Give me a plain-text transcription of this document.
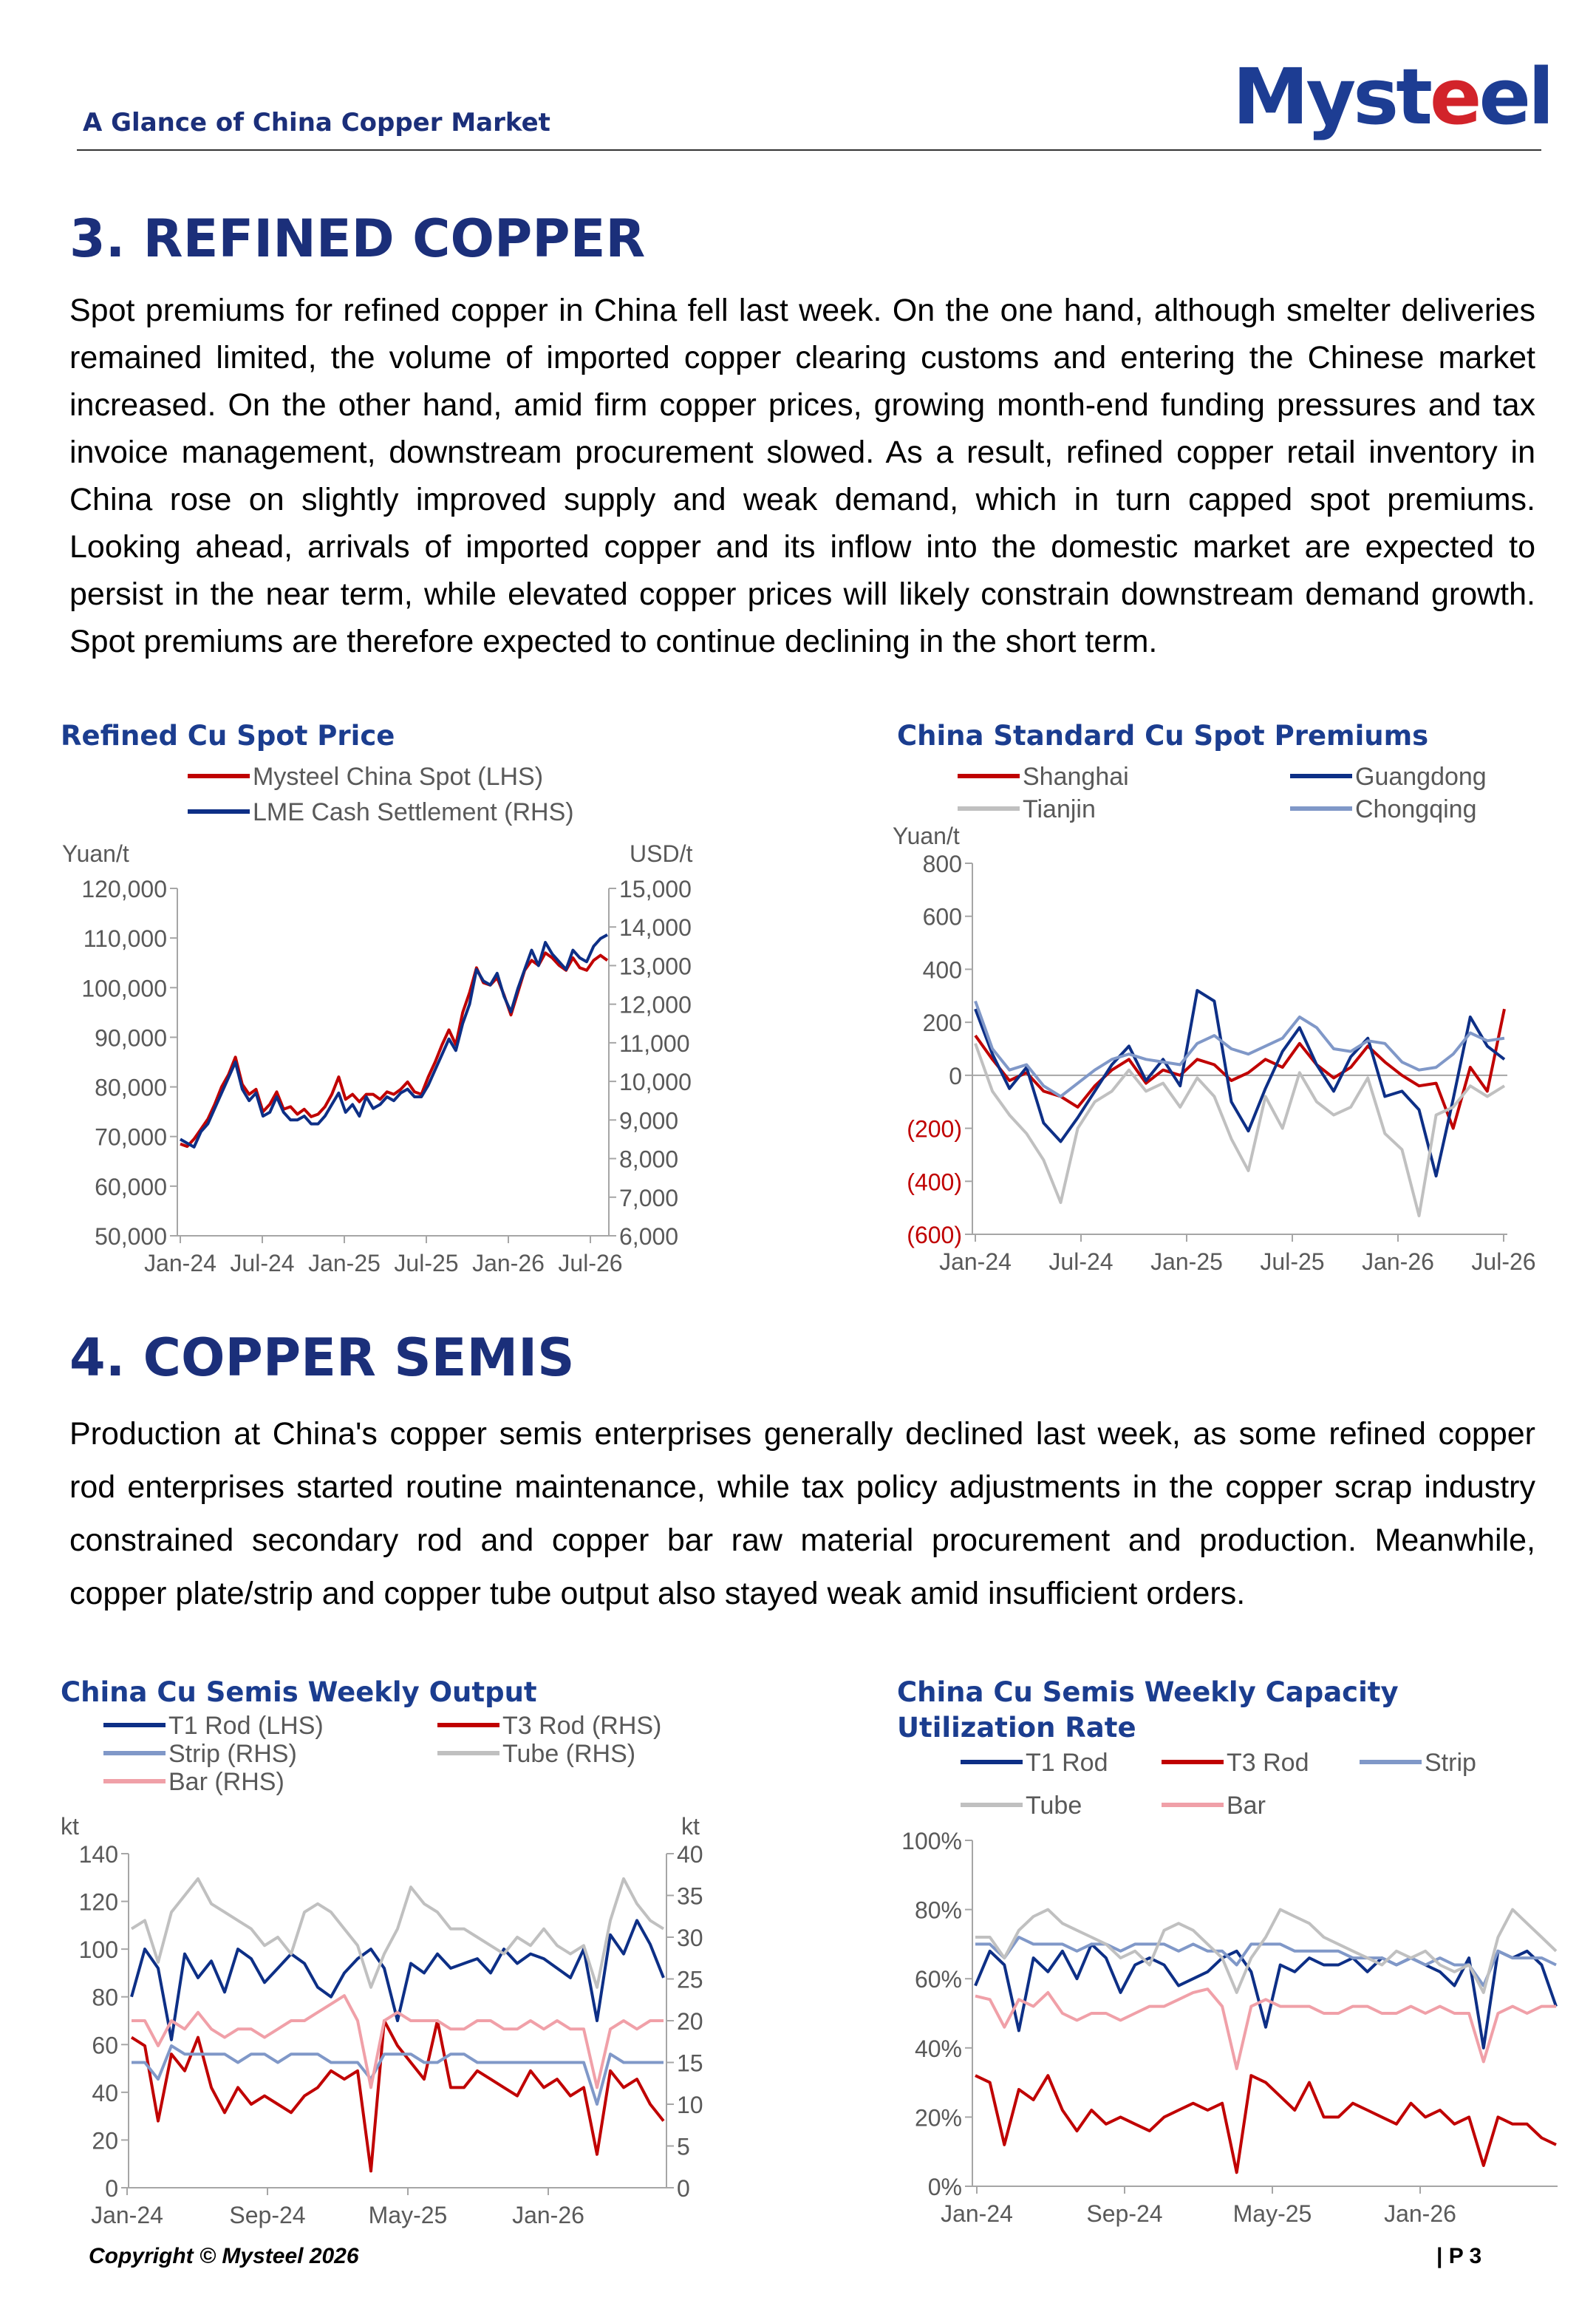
A Glance of China Copper Market	Mysteel
3. REFINED COPPER
Spot premiums for refined copper in China fell last week. On the one hand, although smelter deliveries remained limited, the volume of imported copper clearing customs and entering the Chinese market increased. On the other hand, amid firm copper prices, growing month-end funding pressures and tax invoice management, downstream procurement slowed. As a result, refined copper retail inventory in China rose on slightly improved supply and weak demand, which in turn capped spot premiums. Looking ahead, arrivals of imported copper and its inflow into the domestic market are expected to persist in the near term, while elevated copper prices will likely constrain downstream demand growth. Spot premiums are therefore expected to continue declining in the short term.
Refined Cu Spot Price
Mysteel China Spot (LHS)
LME Cash Settlement (RHS)
Yuan/t	USD/t
50,000
60,000
70,000
80,000
90,000
100,000
110,000
120,000
6,000
7,000
8,000
9,000
10,000
11,000
12,000
13,000
14,000
15,000
Jan-24 Jul-24 Jan-25 Jul-25 Jan-26 Jul-26
China Standard Cu Spot Premiums
Shanghai	Guangdong
Tianjin	Chongqing
Yuan/t
(600)
(400)
(200)
0
200
400
600
800
Jan-24 Jul-24 Jan-25 Jul-25 Jan-26 Jul-26
4. COPPER SEMIS
Production at China's copper semis enterprises generally declined last week, as some refined copper rod enterprises started routine maintenance, while tax policy adjustments in the copper scrap industry constrained secondary rod and copper bar raw material procurement and production. Meanwhile, copper plate/strip and copper tube output also stayed weak amid insufficient orders.
China Cu Semis Weekly Output
T1 Rod (LHS)	T3 Rod (RHS)
Strip (RHS)	Tube (RHS)
Bar (RHS)
kt	kt
0
20
40
60
80
100
120
140
0
5
10
15
20
25
30
35
40
Jan-24	Sep-24	May-25	Jan-26
China Cu Semis Weekly Capacity Utilization Rate
T1 Rod	T3 Rod	Strip
Tube	Bar
0%
20%
40%
60%
80%
100%
Jan-24	Sep-24	May-25	Jan-26
Copyright © Mysteel 2026	| P 3
